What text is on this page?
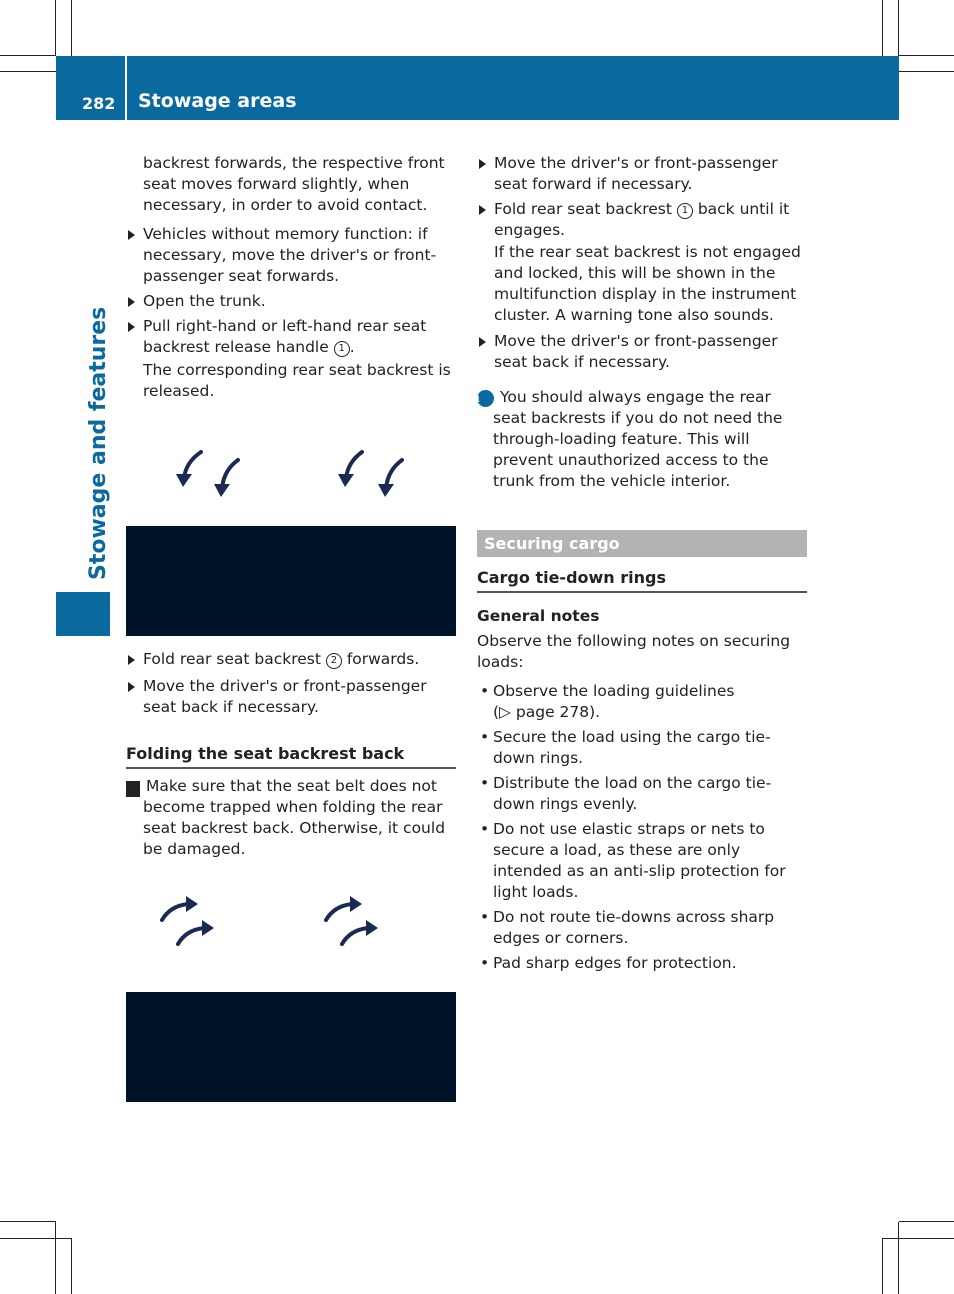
282 Stowage areas
Stowage and features

backrest forwards, the respective front seat moves forward slightly, when necessary, in order to avoid contact.

Vehicles without memory function: if necessary, move the driver's or front-passenger seat forwards.
Open the trunk.
Pull right-hand or left-hand rear seat backrest release handle 1 .

The corresponding rear seat backrest is released.

Fold rear seat backrest 2 forwards.
Move the driver's or front-passenger seat back if necessary.
Folding the seat backrest back

! Make sure that the seat belt does not become trapped when folding the rear seat backrest back. Otherwise, it could be damaged.

Move the driver's or front-passenger seat forward if necessary.
Fold rear seat backrest 1 back until it engages.

If the rear seat backrest is not engaged and locked, this will be shown in the multifunction display in the instrument cluster. A warning tone also sounds.

Move the driver's or front-passenger seat back if necessary.

i You should always engage the rear seat backrests if you do not need the through-loading feature. This will prevent unauthorized access to the trunk from the vehicle interior.

Securing cargo
Cargo tie-down rings
General notes

Observe the following notes on securing loads:

• Observe the loading guidelines
(▷ page 278).
• Secure the load using the cargo tie-down rings.
• Distribute the load on the cargo tie-down rings evenly.
• Do not use elastic straps or nets to secure a load, as these are only intended as an anti-slip protection for light loads.
• Do not route tie-downs across sharp edges or corners.
• Pad sharp edges for protection.
